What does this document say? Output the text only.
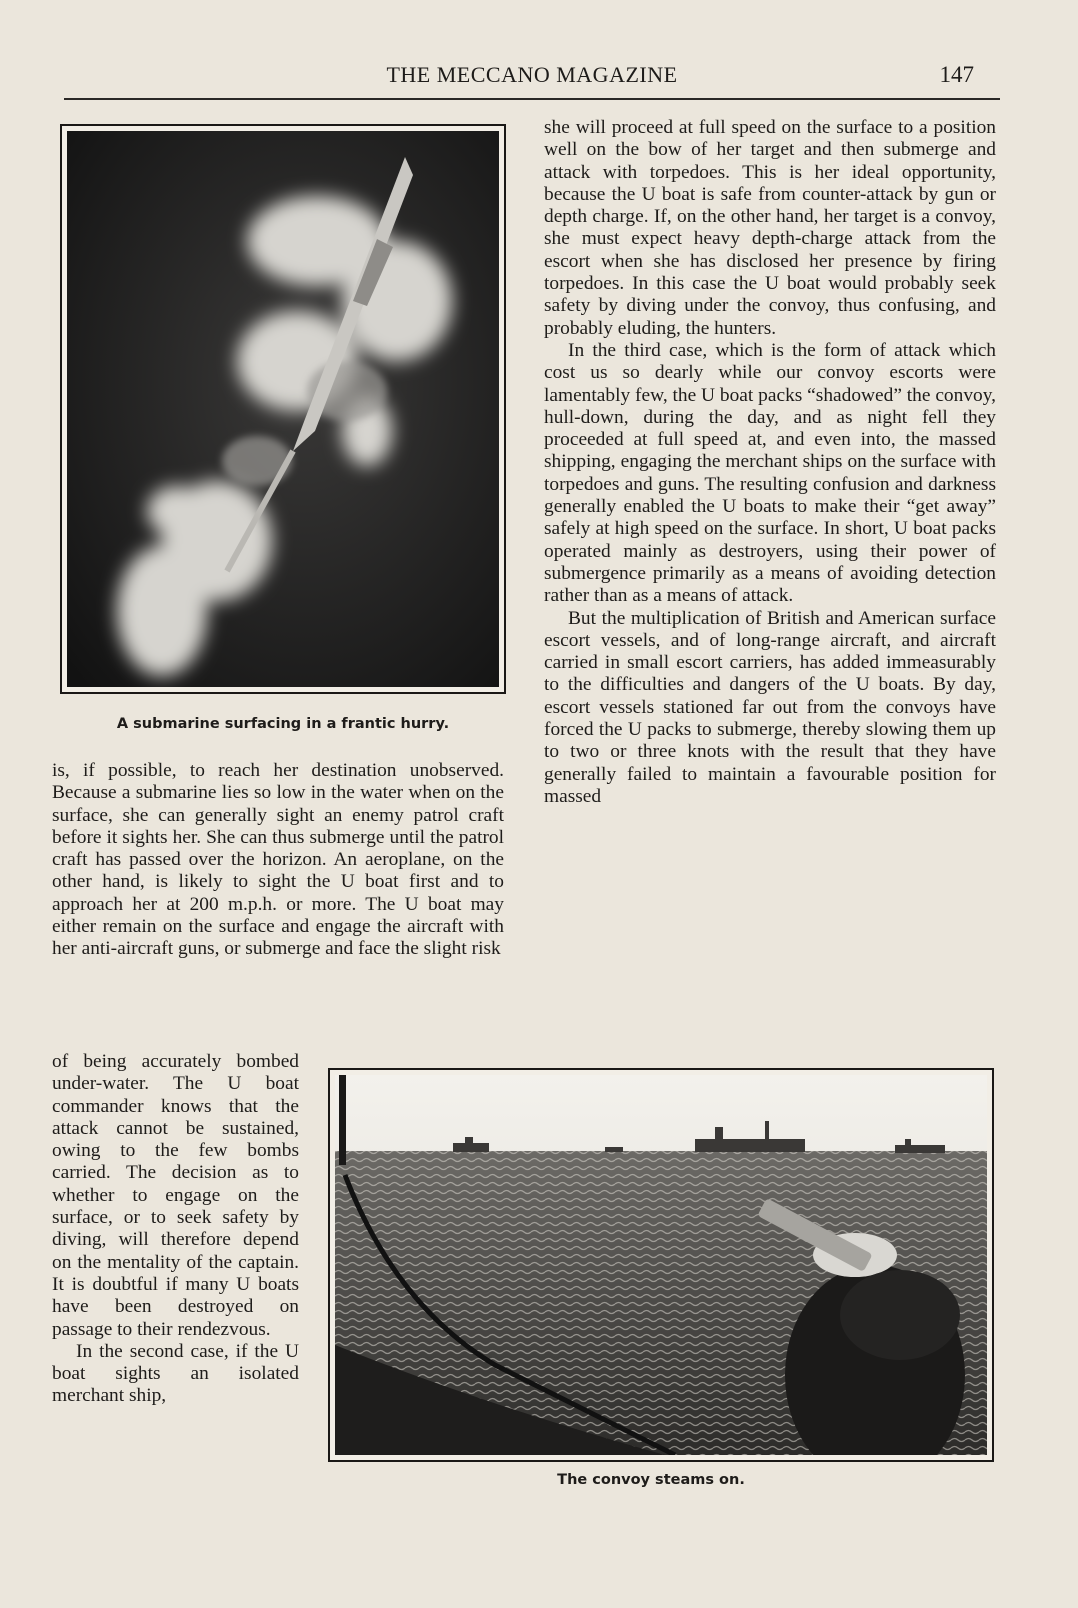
THE MECCANO MAGAZINE	147
A submarine surfacing in a frantic hurry.

is, if possible, to reach her destination unobserved. Because a submarine lies so low in the water when on the surface, she can generally sight an enemy patrol craft before it sights her. She can thus submerge until the patrol craft has passed over the horizon. An aeroplane, on the other hand, is likely to sight the U boat first and to approach her at 200 m.p.h. or more. The U boat may either remain on the surface and engage the aircraft with her anti-aircraft guns, or submerge and face the slight risk

of being accurately bombed under-water. The U boat commander knows that the attack cannot be sustained, owing to the few bombs carried. The decision as to whether to engage on the surface, or to seek safety by diving, will therefore depend on the mentality of the captain. It is doubtful if many U boats have been destroyed on passage to their rendezvous.

In the second case, if the U boat sights an isolated merchant ship,

she will proceed at full speed on the surface to a position well on the bow of her target and then submerge and attack with torpedoes. This is her ideal opportunity, because the U boat is safe from counter-attack by gun or depth charge. If, on the other hand, her target is a convoy, she must expect heavy depth-charge attack from the escort when she has disclosed her presence by firing torpedoes. In this case the U boat would probably seek safety by diving under the convoy, thus confusing, and probably eluding, the hunters.

In the third case, which is the form of attack which cost us so dearly while our convoy escorts were lamentably few, the U boat packs “shadowed” the convoy, hull-down, during the day, and as night fell they proceeded at full speed at, and even into, the massed shipping, engaging the merchant ships on the surface with torpedoes and guns. The resulting confusion and darkness generally enabled the U boats to make their “get away” safely at high speed on the surface. In short, U boat packs operated mainly as destroyers, using their power of submergence primarily as a means of avoiding detection rather than as a means of attack.

But the multiplication of British and American surface escort vessels, and of long-range aircraft, and aircraft carried in small escort carriers, has added immeasurably to the difficulties and dangers of the U boats. By day, escort vessels stationed far out from the convoys have forced the U packs to submerge, thereby slowing them up to two or three knots with the result that they have generally failed to maintain a favourable position for massed

The convoy steams on.
